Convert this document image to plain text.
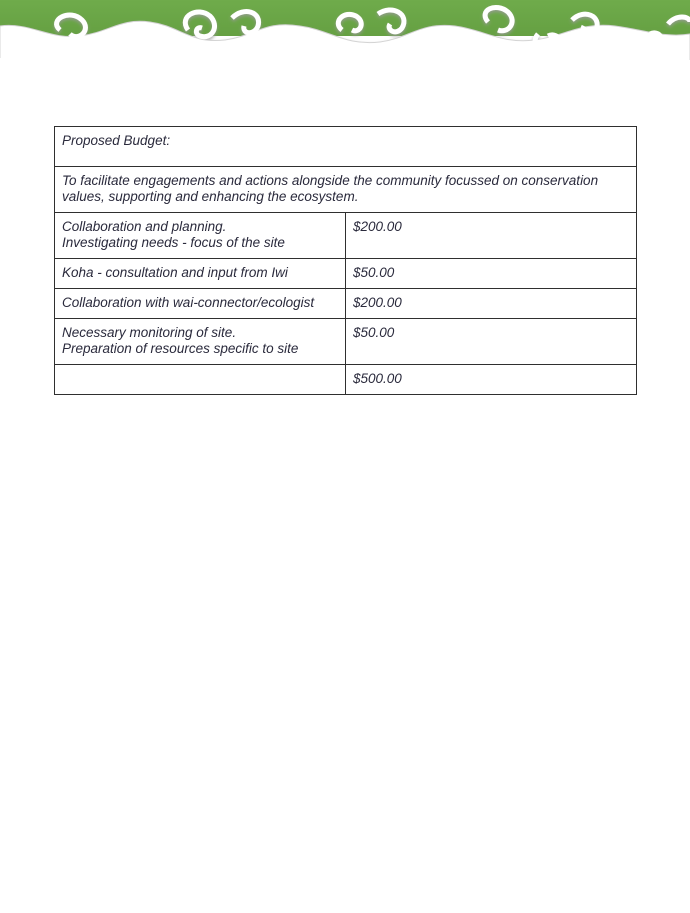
Proposed Budget:	
To facilitate engagements and actions alongside the community focussed on conservation values, supporting and enhancing the ecosystem.	

Collaboration and planning.
Investigating needs - focus of the site	$200.00

Koha - consultation and input from Iwi	$50.00

Collaboration with wai-connector/ecologist	$200.00

Necessary monitoring of site.
Preparation of resources specific to site	$50.00
	$500.00
